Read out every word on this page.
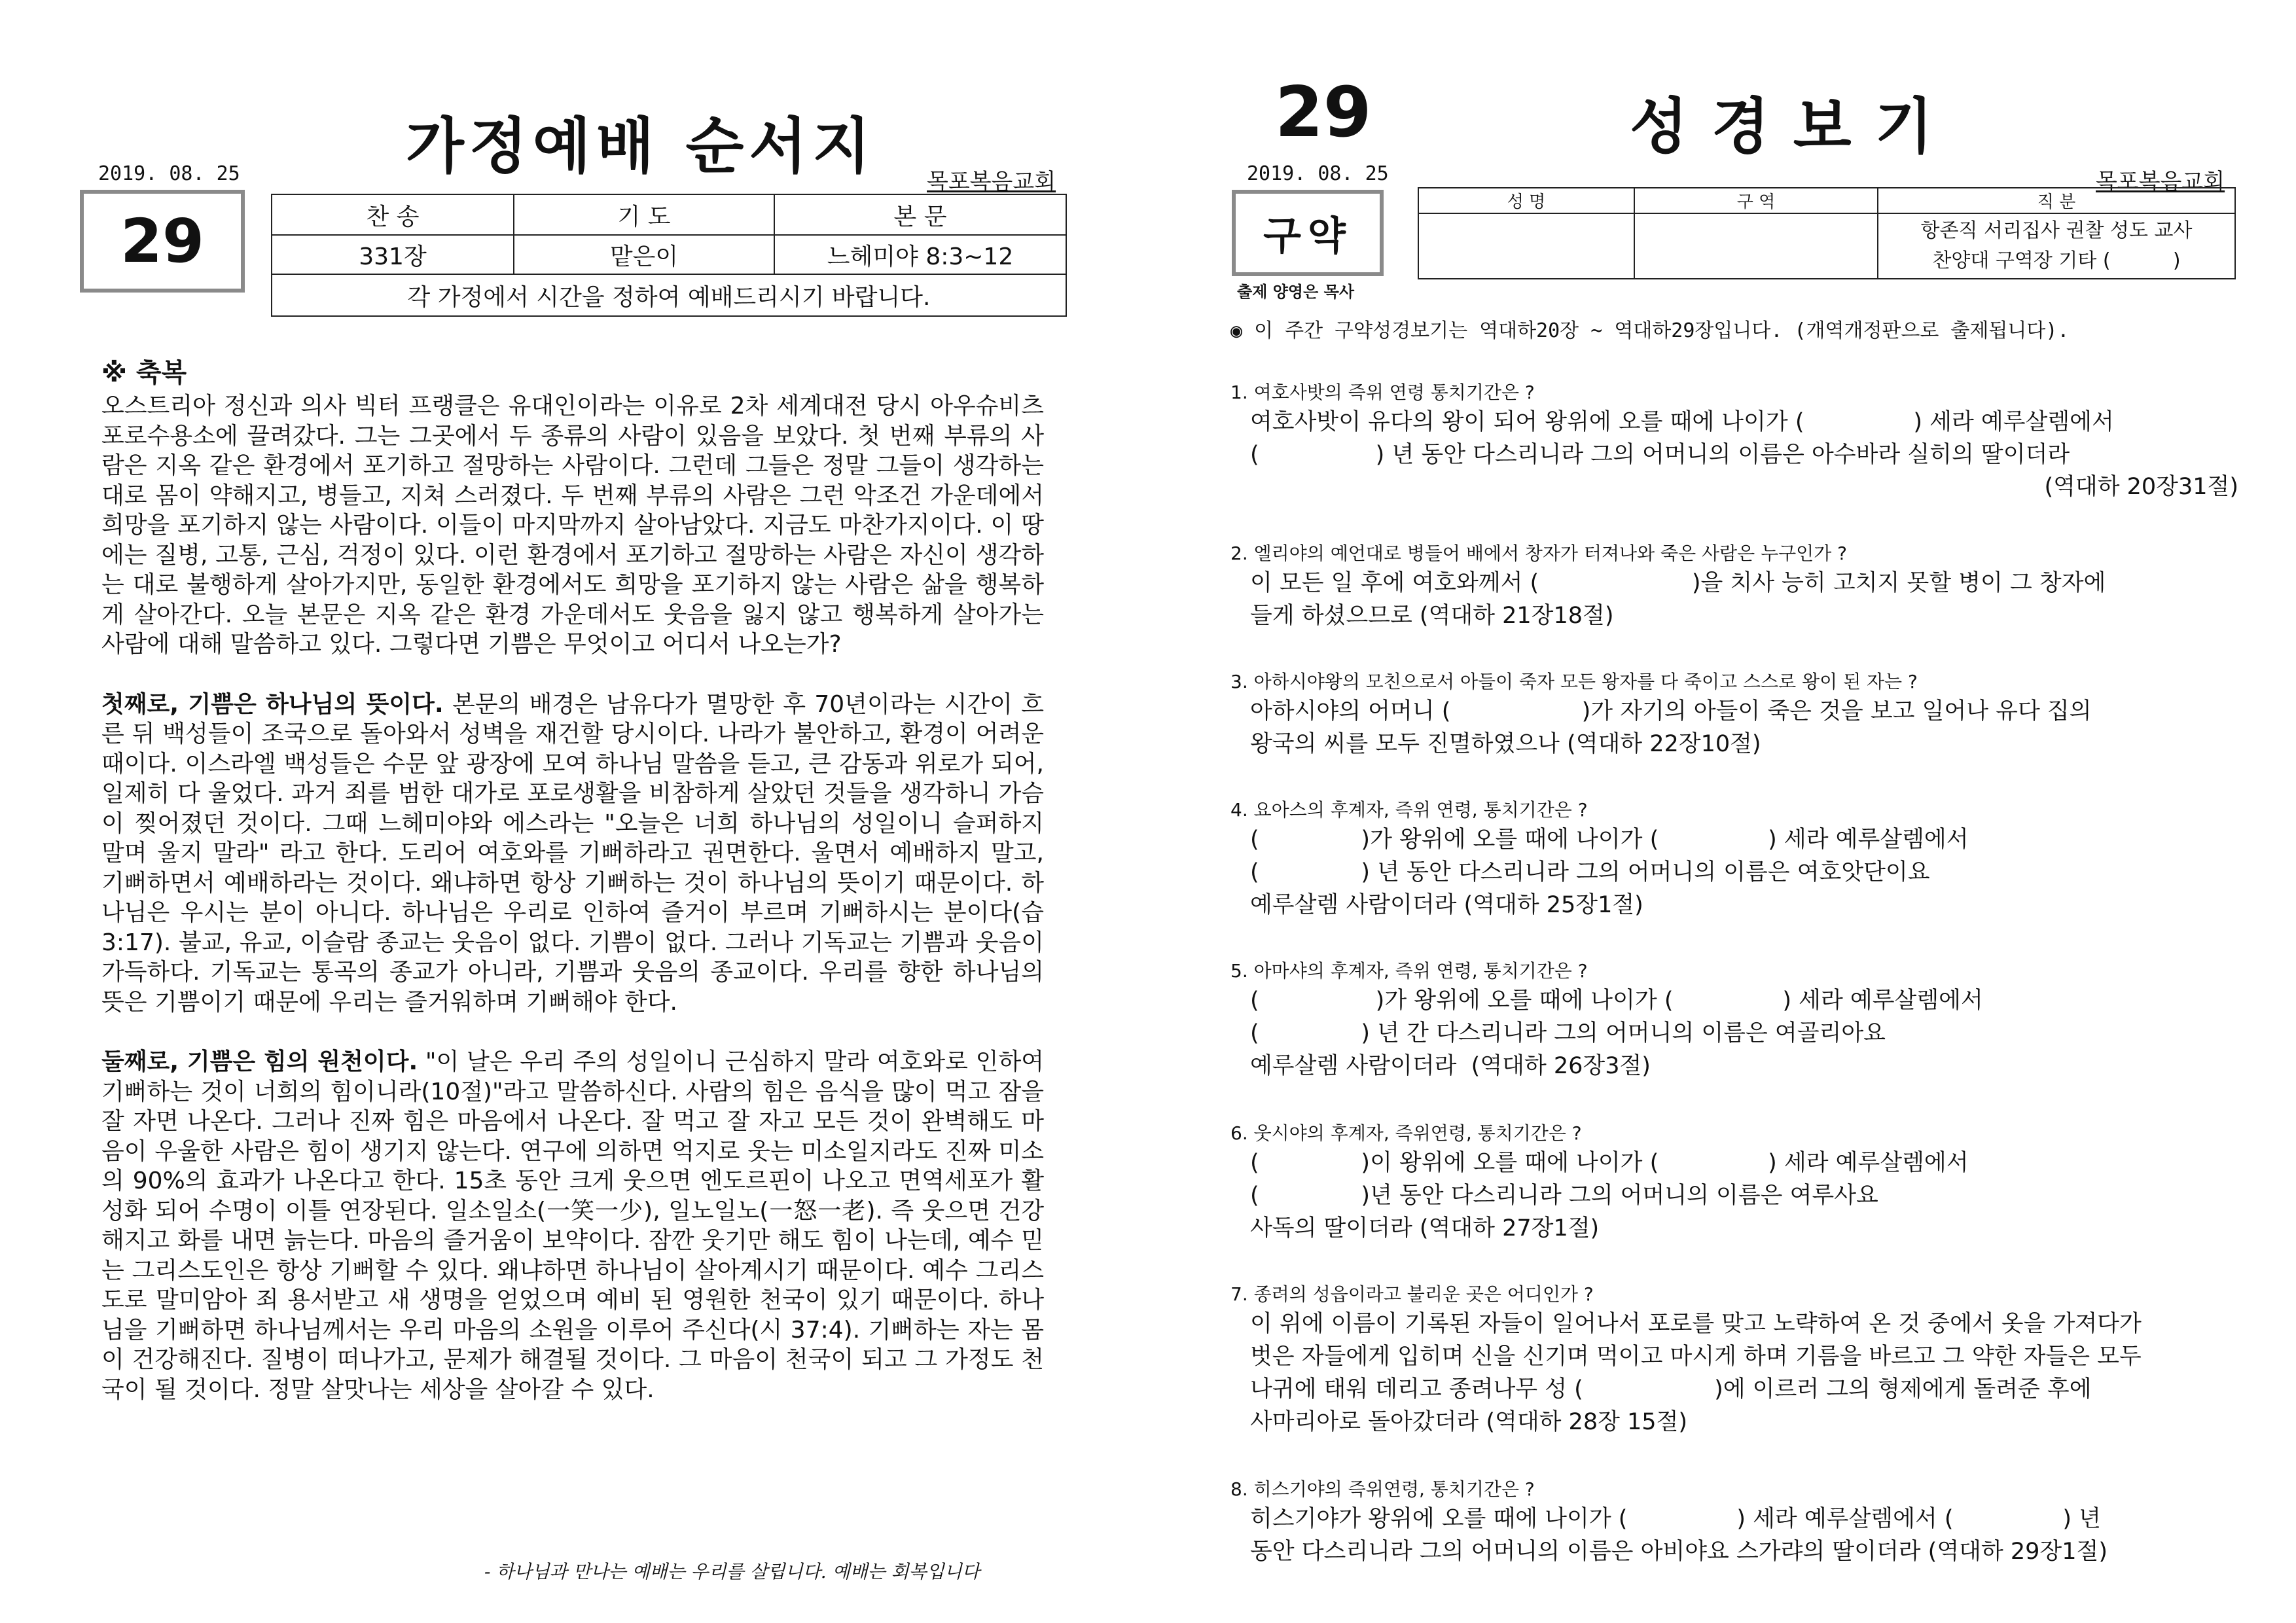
가정예배 순서지
2019. 08. 25	목포복음교회
29	찬 송	기 도	본 문
331장	맡은이	느헤미야 8:3~12
각 가정에서 시간을 정하여 예배드리시기 바랍니다.		
※ 축복

오스트리아 정신과 의사 빅터 프랭클은 유대인이라는 이유로 2차 세계대전 당시 아우슈비츠 포로수용소에 끌려갔다. 그는 그곳에서 두 종류의 사람이 있음을 보았다. 첫 번째 부류의 사람은 지옥 같은 환경에서 포기하고 절망하는 사람이다. 그런데 그들은 정말 그들이 생각하는 대로 몸이 약해지고, 병들고, 지쳐 스러졌다. 두 번째 부류의 사람은 그런 악조건 가운데에서 희망을 포기하지 않는 사람이다. 이들이 마지막까지 살아남았다. 지금도 마찬가지이다. 이 땅에는 질병, 고통, 근심, 걱정이 있다. 이런 환경에서 포기하고 절망하는 사람은 자신이 생각하는 대로 불행하게 살아가지만, 동일한 환경에서도 희망을 포기하지 않는 사람은 삶을 행복하게 살아간다. 오늘 본문은 지옥 같은 환경 가운데서도 웃음을 잃지 않고 행복하게 살아가는 사람에 대해 말씀하고 있다. 그렇다면 기쁨은 무엇이고 어디서 나오는가?

첫째로, 기쁨은 하나님의 뜻이다. 본문의 배경은 남유다가 멸망한 후 70년이라는 시간이 흐른 뒤 백성들이 조국으로 돌아와서 성벽을 재건할 당시이다. 나라가 불안하고, 환경이 어려운 때이다. 이스라엘 백성들은 수문 앞 광장에 모여 하나님 말씀을 듣고, 큰 감동과 위로가 되어, 일제히 다 울었다. 과거 죄를 범한 대가로 포로생활을 비참하게 살았던 것들을 생각하니 가슴이 찢어졌던 것이다. 그때 느헤미야와 에스라는 "오늘은 너희 하나님의 성일이니 슬퍼하지 말며 울지 말라" 라고 한다. 도리어 여호와를 기뻐하라고 권면한다. 울면서 예배하지 말고, 기뻐하면서 예배하라는 것이다. 왜냐하면 항상 기뻐하는 것이 하나님의 뜻이기 때문이다. 하나님은 우시는 분이 아니다. 하나님은 우리로 인하여 즐거이 부르며 기뻐하시는 분이다(습 3:17). 불교, 유교, 이슬람 종교는 웃음이 없다. 기쁨이 없다. 그러나 기독교는 기쁨과 웃음이 가득하다. 기독교는 통곡의 종교가 아니라, 기쁨과 웃음의 종교이다. 우리를 향한 하나님의 뜻은 기쁨이기 때문에 우리는 즐거워하며 기뻐해야 한다.

둘째로, 기쁨은 힘의 원천이다. "이 날은 우리 주의 성일이니 근심하지 말라 여호와로 인하여 기뻐하는 것이 너희의 힘이니라(10절)"라고 말씀하신다. 사람의 힘은 음식을 많이 먹고 잠을 잘 자면 나온다. 그러나 진짜 힘은 마음에서 나온다. 잘 먹고 잘 자고 모든 것이 완벽해도 마음이 우울한 사람은 힘이 생기지 않는다. 연구에 의하면 억지로 웃는 미소일지라도 진짜 미소의 90%의 효과가 나온다고 한다. 15초 동안 크게 웃으면 엔도르핀이 나오고 면역세포가 활성화 되어 수명이 이틀 연장된다. 일소일소(一笑一少), 일노일노(一怒一老). 즉 웃으면 건강해지고 화를 내면 늙는다. 마음의 즐거움이 보약이다. 잠깐 웃기만 해도 힘이 나는데, 예수 믿는 그리스도인은 항상 기뻐할 수 있다. 왜냐하면 하나님이 살아계시기 때문이다. 예수 그리스도로 말미암아 죄 용서받고 새 생명을 얻었으며 예비 된 영원한 천국이 있기 때문이다. 하나님을 기뻐하면 하나님께서는 우리 마음의 소원을 이루어 주신다(시 37:4). 기뻐하는 자는 몸이 건강해진다. 질병이 떠나가고, 문제가 해결될 것이다. 그 마음이 천국이 되고 그 가정도 천국이 될 것이다. 정말 살맛나는 세상을 살아갈 수 있다.

- 하나님과 만나는 예배는 우리를 살립니다. 예배는 회복입니다
29	성경보기
2019. 08. 25	목포복음교회
구약
출제 양영은 목사
성 명	구 역	직 분

		항존직 서리집사 권찰 성도 교사
찬양대 구역장 기타 (          )
◉ 이 주간 구약성경보기는 역대하20장 ~ 역대하29장입니다. (개역개정판으로 출제됩니다).
1. 여호사밧의 즉위 연령 통치기간은 ?
여호사밧이 유다의 왕이 되어 왕위에 오를 때에 나이가 (               ) 세라 예루살렘에서
(                ) 년 동안 다스리니라 그의 어머니의 이름은 아수바라 실히의 딸이더라
(역대하 20장31절)
2. 엘리야의 예언대로 병들어 배에서 창자가 터져나와 죽은 사람은 누구인가 ?
이 모든 일 후에 여호와께서 (                     )을 치사 능히 고치지 못할 병이 그 창자에
들게 하셨으므로 (역대하 21장18절)
3. 아하시야왕의 모친으로서 아들이 죽자 모든 왕자를 다 죽이고 스스로 왕이 된 자는 ?
아하시야의 어머니 (                  )가 자기의 아들이 죽은 것을 보고 일어나 유다 집의
왕국의 씨를 모두 진멸하였으나 (역대하 22장10절)
4. 요아스의 후계자, 즉위 연령, 통치기간은 ?
(              )가 왕위에 오를 때에 나이가 (               ) 세라 예루살렘에서
(              ) 년 동안 다스리니라 그의 어머니의 이름은 여호앗단이요
예루살렘 사람이더라 (역대하 25장1절)
5. 아마샤의 후계자, 즉위 연령, 통치기간은 ?
(                )가 왕위에 오를 때에 나이가 (               ) 세라 예루살렘에서
(              ) 년 간 다스리니라 그의 어머니의 이름은 여골리아요
예루살렘 사람이더라  (역대하 26장3절)
6. 웃시야의 후계자, 즉위연령, 통치기간은 ?
(              )이 왕위에 오를 때에 나이가 (               ) 세라 예루살렘에서
(              )년 동안 다스리니라 그의 어머니의 이름은 여루사요
사독의 딸이더라 (역대하 27장1절)
7. 종려의 성읍이라고 불리운 곳은 어디인가 ?
이 위에 이름이 기록된 자들이 일어나서 포로를 맞고 노략하여 온 것 중에서 옷을 가져다가
벗은 자들에게 입히며 신을 신기며 먹이고 마시게 하며 기름을 바르고 그 약한 자들은 모두
나귀에 태워 데리고 종려나무 성 (                  )에 이르러 그의 형제에게 돌려준 후에
사마리아로 돌아갔더라 (역대하 28장 15절)
8. 히스기야의 즉위연령, 통치기간은 ?
히스기야가 왕위에 오를 때에 나이가 (               ) 세라 예루살렘에서 (               ) 년
동안 다스리니라 그의 어머니의 이름은 아비야요 스가랴의 딸이더라 (역대하 29장1절)
